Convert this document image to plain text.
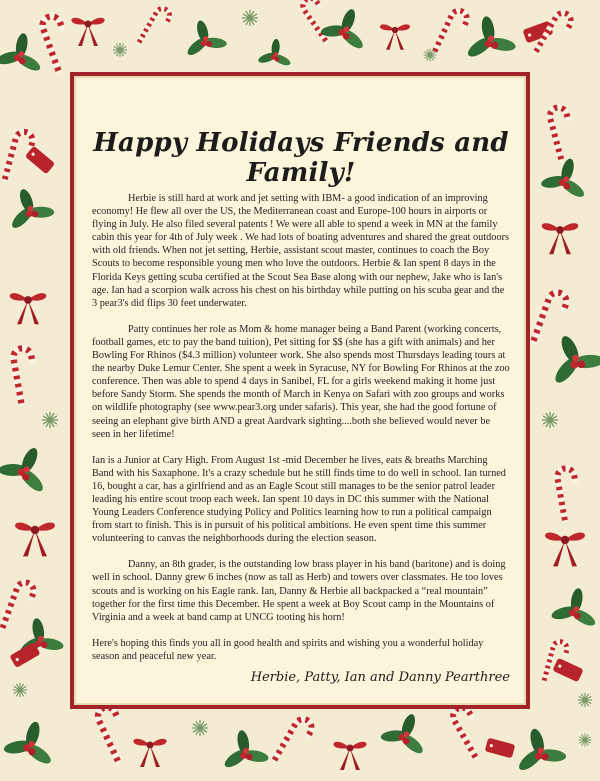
Happy Holidays Friends and Family!

Herbie is still hard at work and jet setting with IBM- a good indication of an improving economy! He flew all over the US, the Mediterranean coast and Europe-100 hours in airports or flying in July. He also filed several patents ! We were all able to spend a week in MN at the family cabin this year for 4th of July week . We had lots of boating adventures and shared the great outdoors with old friends. When not jet setting, Herbie, assistant scout master, continues to coach the Boy Scouts to become responsible young men who love the outdoors. Herbie & Ian spent 8 days in the Florida Keys getting scuba certified at the Scout Sea Base along with our nephew, Jake who is Ian's age. Ian had a scorpion walk across his chest on his birthday while putting on his scuba gear and the 3 pear3's did flips 30 feet underwater.

Patty continues her role as Mom & home manager being a Band Parent (working concerts, football games, etc to pay the band tuition), Pet sitting for $$ (she has a gift with animals) and her Bowling For Rhinos ($4.3 million) volunteer work. She also spends most Thursdays leading tours at the nearby Duke Lemur Center. She spent a week in Syracuse, NY for Bowling For Rhinos at the zoo conference. Then was able to spend 4 days in Sanibel, FL for a girls weekend making it home just before Sandy Storm. She spends the month of March in Kenya on Safari with zoo groups and works on wildlife photography (see www.pear3.org under safaris). This year, she had the good fortune of seeing an elephant give birth AND a great Aardvark sighting....both she believed would never be seen in her lifetime!

Ian is a Junior at Cary High. From August 1st -mid December he lives, eats & breaths Marching Band with his Saxaphone. It's a crazy schedule but he still finds time to do well in school. Ian turned 16, bought a car, has a girlfriend and as an Eagle Scout still manages to be the senior patrol leader leading his entire scout troop each week. Ian spent 10 days in DC this summer with the National Young Leaders Conference studying Policy and Politics learning how to run a political campaign from start to finish. This is in pursuit of his political ambitions. He even spent time this summer volunteering to canvas the neighborhoods during the election season.

Danny, an 8th grader, is the outstanding low brass player in his band (baritone) and is doing well in school. Danny grew 6 inches (now as tall as Herb) and towers over classmates. He too loves scouts and is working on his Eagle rank. Ian, Danny & Herbie all backpacked a “real mountain” together for the first time this December. He spent a week at Boy Scout camp in the Mountains of Virginia and a week at band camp at UNCG tooting his horn!

Here's hoping this finds you all in good health and spirits and wishing you a wonderful holiday season and peaceful new year.

Herbie, Patty, Ian and Danny Pearthree
